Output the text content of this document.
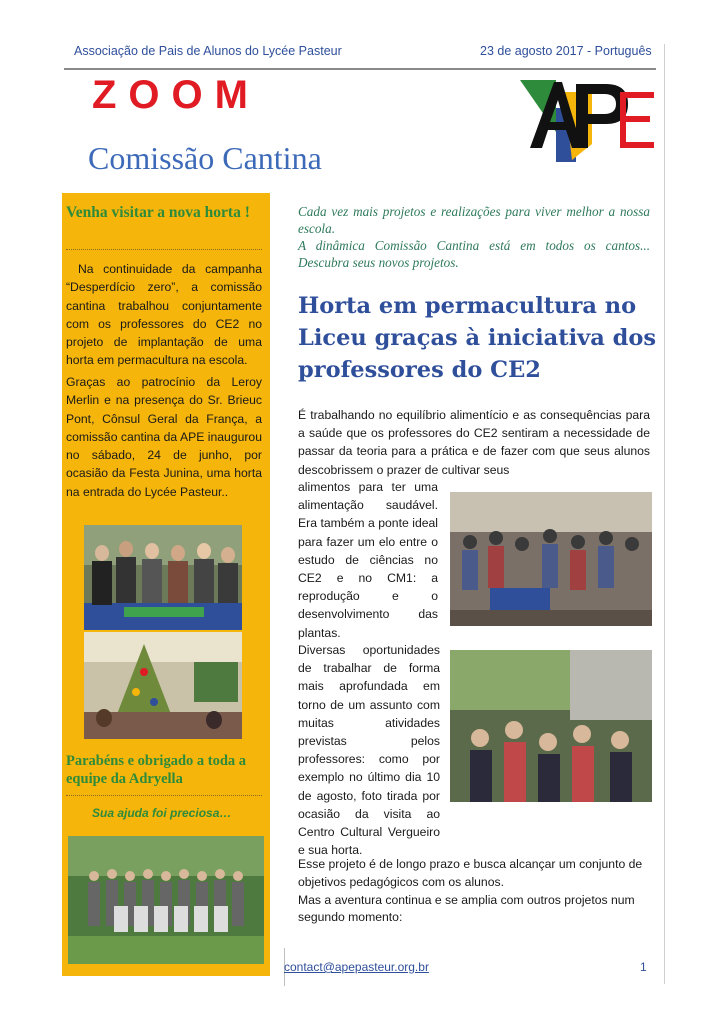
Associação de Pais de Alunos do Lycée Pasteur	23 de agosto 2017 - Português
ZOOM
Comissão Cantina
Venha visitar a nova horta !
Na continuidade da campanha “Desperdício zero”, a comissão cantina trabalhou conjuntamente com os professores do CE2 no projeto de implantação de uma horta em permacultura na escola.
Graças ao patrocínio da Leroy Merlin e na presença do Sr. Brieuc Pont, Cônsul Geral da França, a comissão cantina da APE inaugurou no sábado, 24 de junho, por ocasião da Festa Junina, uma horta na entrada do Lycée Pasteur..
Parabéns e obrigado a toda a equipe da Adryella
Sua ajuda foi preciosa…
Cada vez mais projetos e realizações para viver melhor a nossa escola.
A dinâmica Comissão Cantina está em todos os cantos... Descubra seus novos projetos.
Horta em permacultura no Liceu graças à iniciativa dos professores do CE2
É trabalhando no equilíbrio alimentício e as consequências para a saúde que os professores do CE2 sentiram a necessidade de passar da teoria para a prática e de fazer com que seus alunos descobrissem o prazer de cultivar seus
alimentos para ter uma alimentação saudável. Era também a ponte ideal para fazer um elo entre o estudo de ciências no CE2 e no CM1: a reprodução e o desenvolvimento das plantas.
Diversas oportunidades de trabalhar de forma mais aprofundada em torno de um assunto com muitas atividades previstas pelos professores: como por exemplo no último dia 10 de agosto, foto tirada por ocasião da visita ao Centro Cultural Vergueiro e sua horta.
Esse projeto é de longo prazo e busca alcançar um conjunto de objetivos pedagógicos com os alunos.
Mas a aventura continua e se amplia com outros projetos num segundo momento:
contact@apepasteur.org.br	1
